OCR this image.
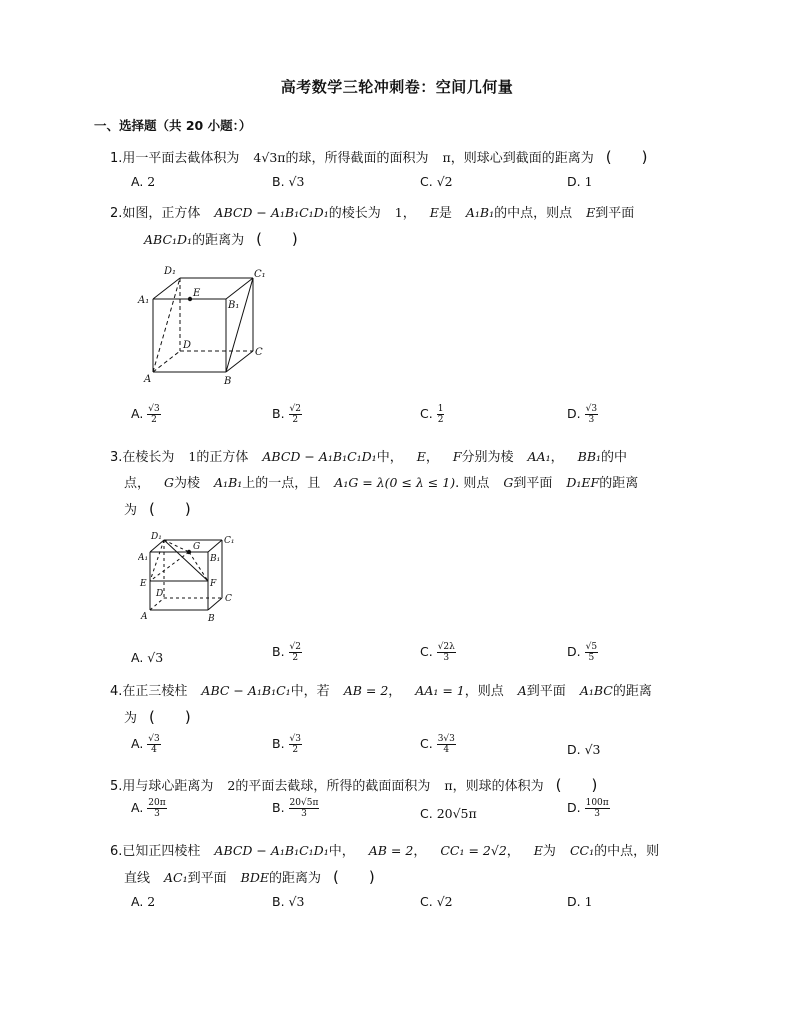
高考数学三轮冲刺卷：空间几何量
一、选择题（共 20 小题：）
1.用一平面去截体积为 4√3π的球，所得截面的面积为 π，则球心到截面的距离为 (　　)
A. 2	B. √3	C. √2	D. 1
2.如图，正方体 ABCD − A₁B₁C₁D₁的棱长为 1， E是 A₁B₁的中点，则点 E到平面
ABC₁D₁的距离为 (　　)
D₁	C₁
A₁
E
B₁
D
C
A	B
A. $\frac{√3}{2}$	B. $\frac{√2}{2}$	C. $\frac{1}{2}$	D. $\frac{√3}{3}$
3.在棱长为 1的正方体 ABCD − A₁B₁C₁D₁中， E， F分别为棱 AA₁， BB₁的中
点， G为棱 A₁B₁上的一点，且 A₁G = λ(0 ≤ λ ≤ 1). 则点 G到平面 D₁EF的距离
为 (　　)
D₁	C₁
A₁
G
B₁
E	F
D	C
A	B
A. √3	B. $\frac{√2}{2}$	C. $\frac{√2\lambda}{3}$	D. $\frac{√5}{5}$
4.在正三棱柱 ABC − A₁B₁C₁中，若 AB = 2， AA₁ = 1，则点 A到平面 A₁BC的距离
为 (　　)
A. $\frac{√3}{4}$	B. $\frac{√3}{2}$	C. $\frac{3√3}{4}$	D. √3
5.用与球心距离为 2的平面去截球，所得的截面面积为 π，则球的体积为 (　　)
A. $\frac{20\pi}{3}$	B. $\frac{20√5\pi}{3}$	C. 20√5π	D. $\frac{100\pi}{3}$
6.已知正四棱柱 ABCD − A₁B₁C₁D₁中， AB = 2， CC₁ = 2√2， E为 CC₁的中点，则
直线 AC₁到平面 BDE的距离为 (　　)
A. 2	B. √3	C. √2	D. 1
